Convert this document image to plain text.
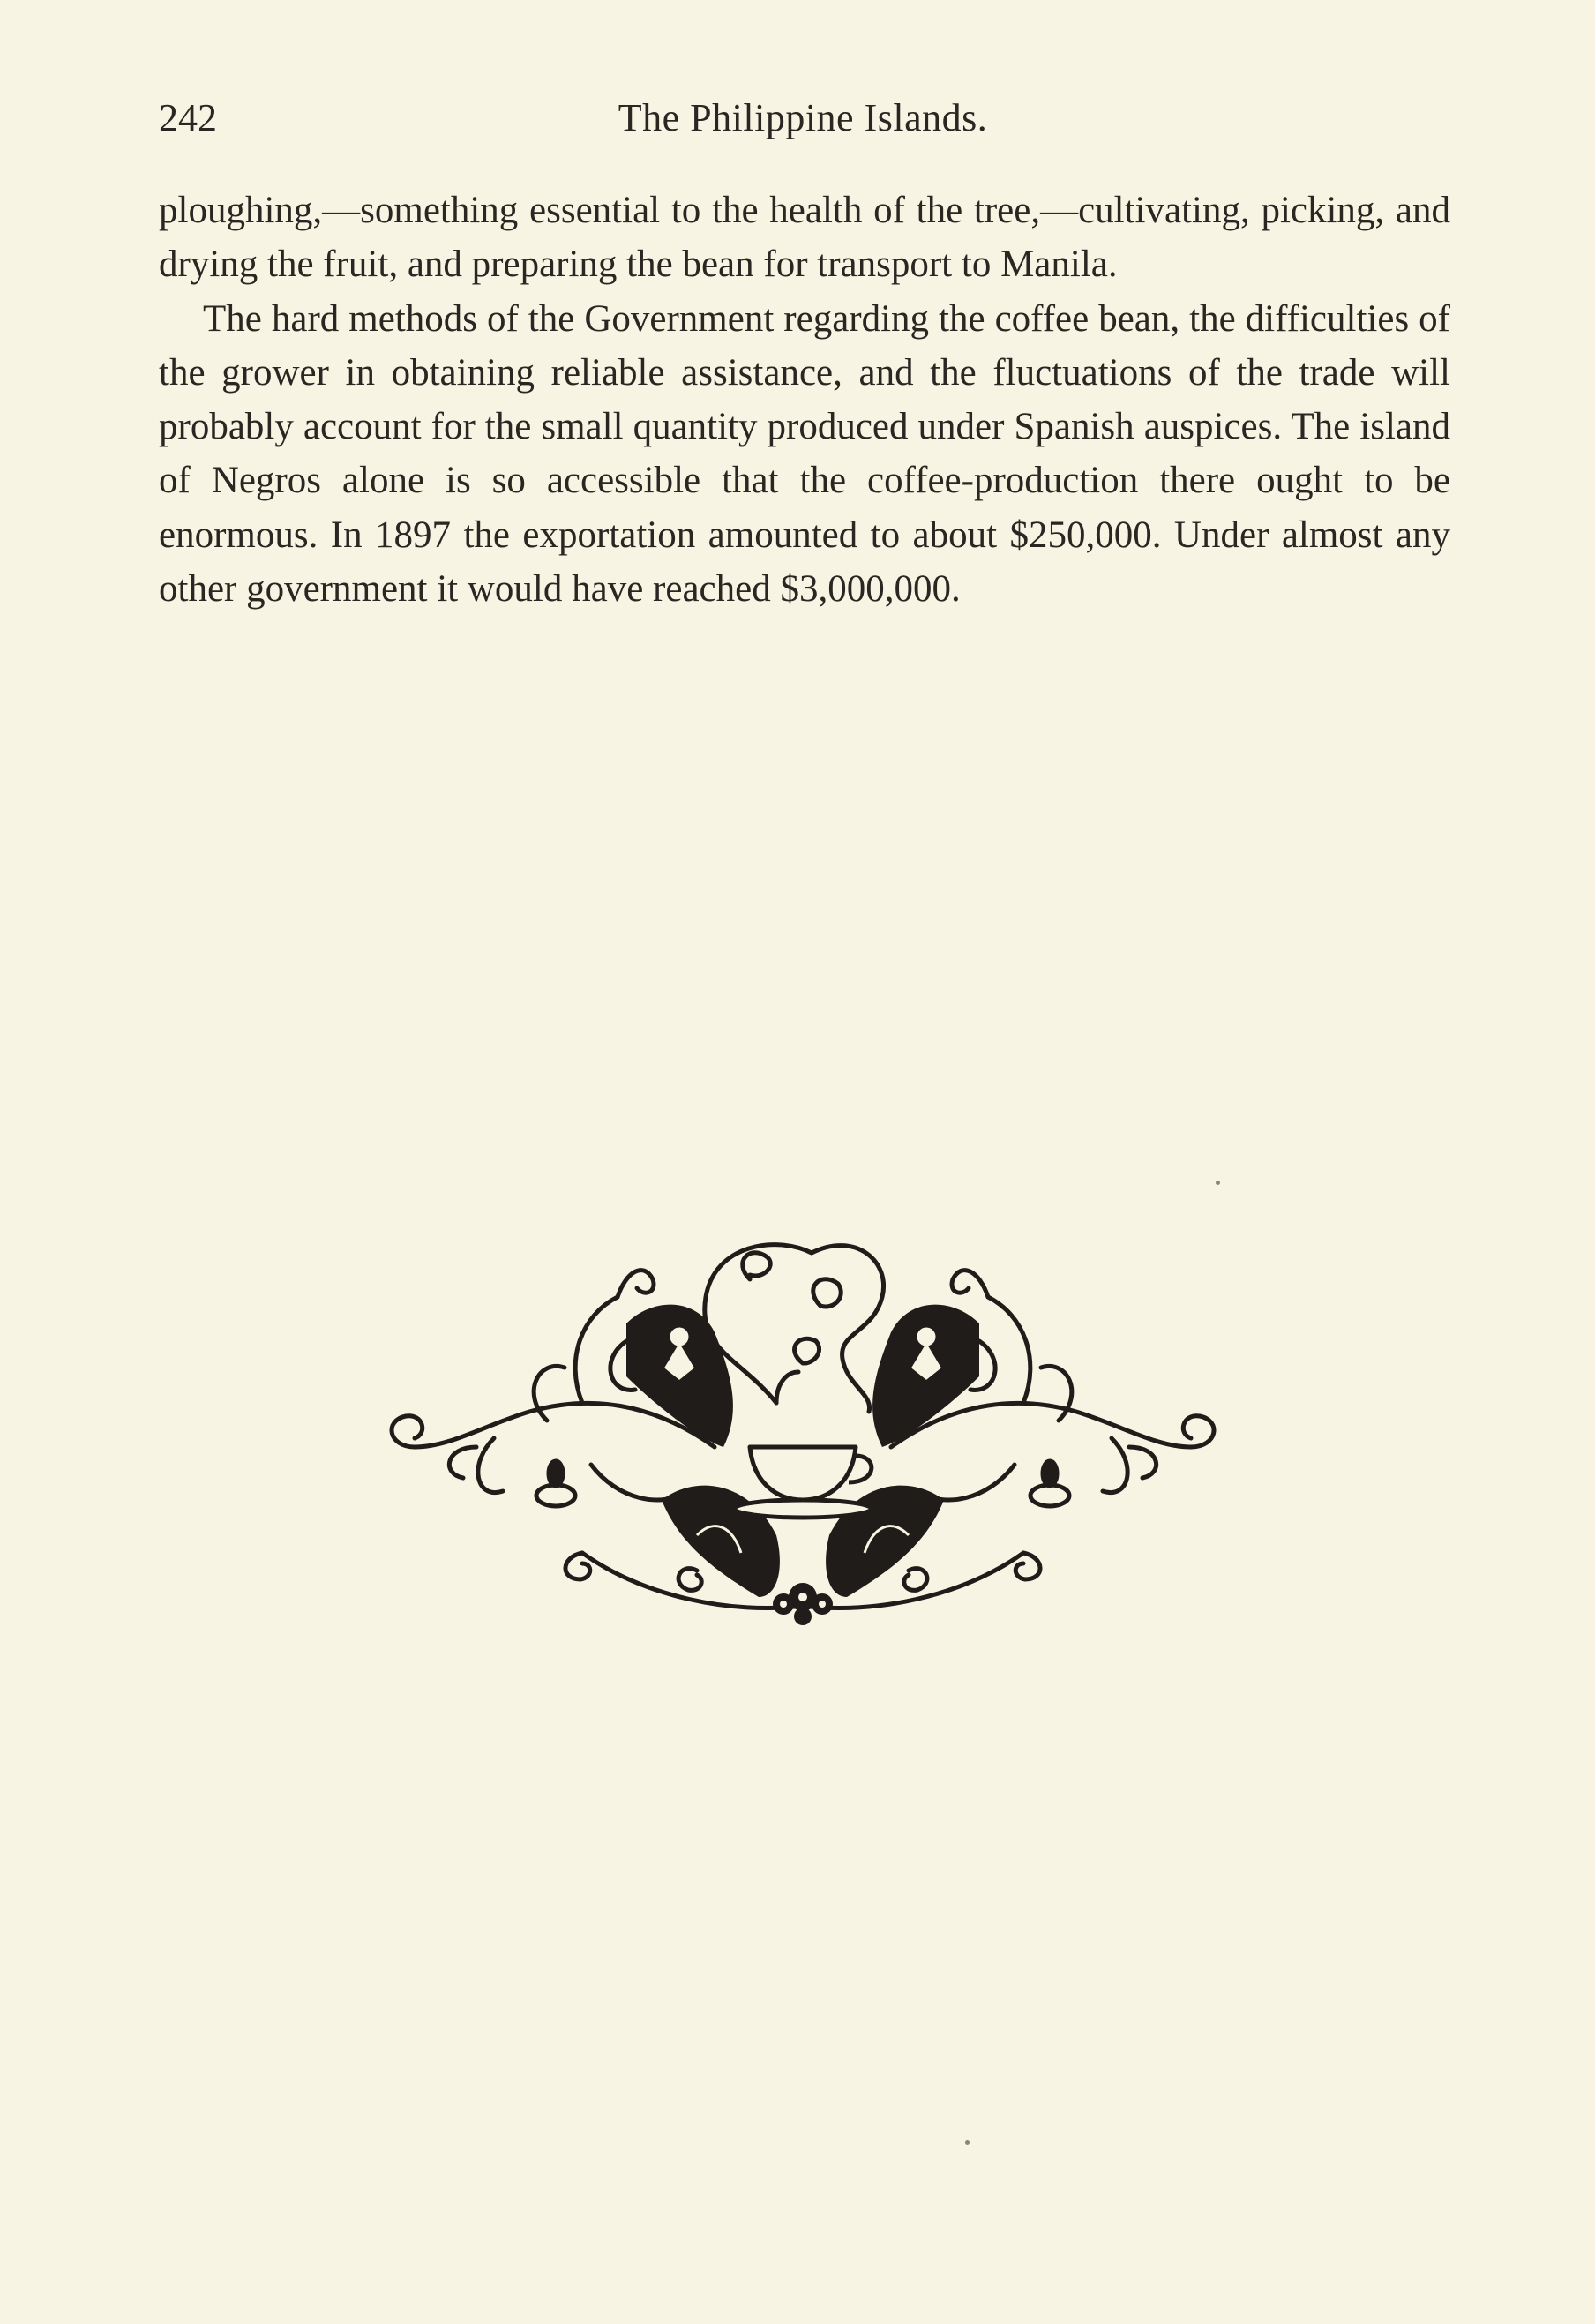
242	The Philippine Islands.

ploughing,—something essential to the health of the tree,—cultivating, picking, and drying the fruit, and preparing the bean for transport to Manila.

The hard methods of the Government regarding the coffee bean, the difficulties of the grower in obtaining reliable assistance, and the fluctuations of the trade will probably account for the small quantity produced under Spanish auspices. The island of Negros alone is so accessible that the coffee-production there ought to be enormous. In 1897 the exportation amounted to about $250,000. Under almost any other government it would have reached $3,000,000.
